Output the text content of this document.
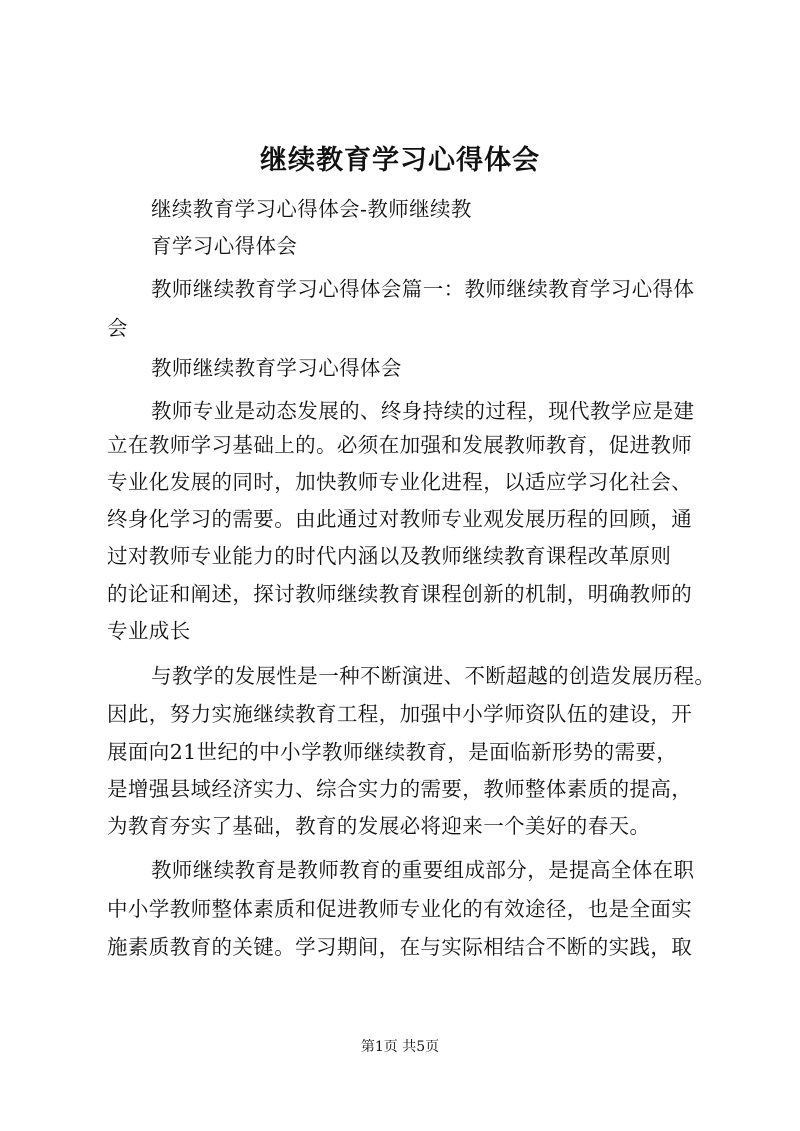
继续教育学习心得体会
继续教育学习心得体会-教师继续教
育学习心得体会
教师继续教育学习心得体会篇一：教师继续教育学习心得体
会
教师继续教育学习心得体会
教师专业是动态发展的、终身持续的过程，现代教学应是建
立在教师学习基础上的。必须在加强和发展教师教育，促进教师
专业化发展的同时，加快教师专业化进程，以适应学习化社会、
终身化学习的需要。由此通过对教师专业观发展历程的回顾，通
过对教师专业能力的时代内涵以及教师继续教育课程改革原则
的论证和阐述，探讨教师继续教育课程创新的机制，明确教师的
专业成长
与教学的发展性是一种不断演进、不断超越的创造发展历程。
因此，努力实施继续教育工程，加强中小学师资队伍的建设，开
展面向21世纪的中小学教师继续教育，是面临新形势的需要，
是增强县域经济实力、综合实力的需要，教师整体素质的提高，
为教育夯实了基础，教育的发展必将迎来一个美好的春天。
教师继续教育是教师教育的重要组成部分，是提高全体在职
中小学教师整体素质和促进教师专业化的有效途径，也是全面实
施素质教育的关键。学习期间，在与实际相结合不断的实践，取
第1页 共5页
